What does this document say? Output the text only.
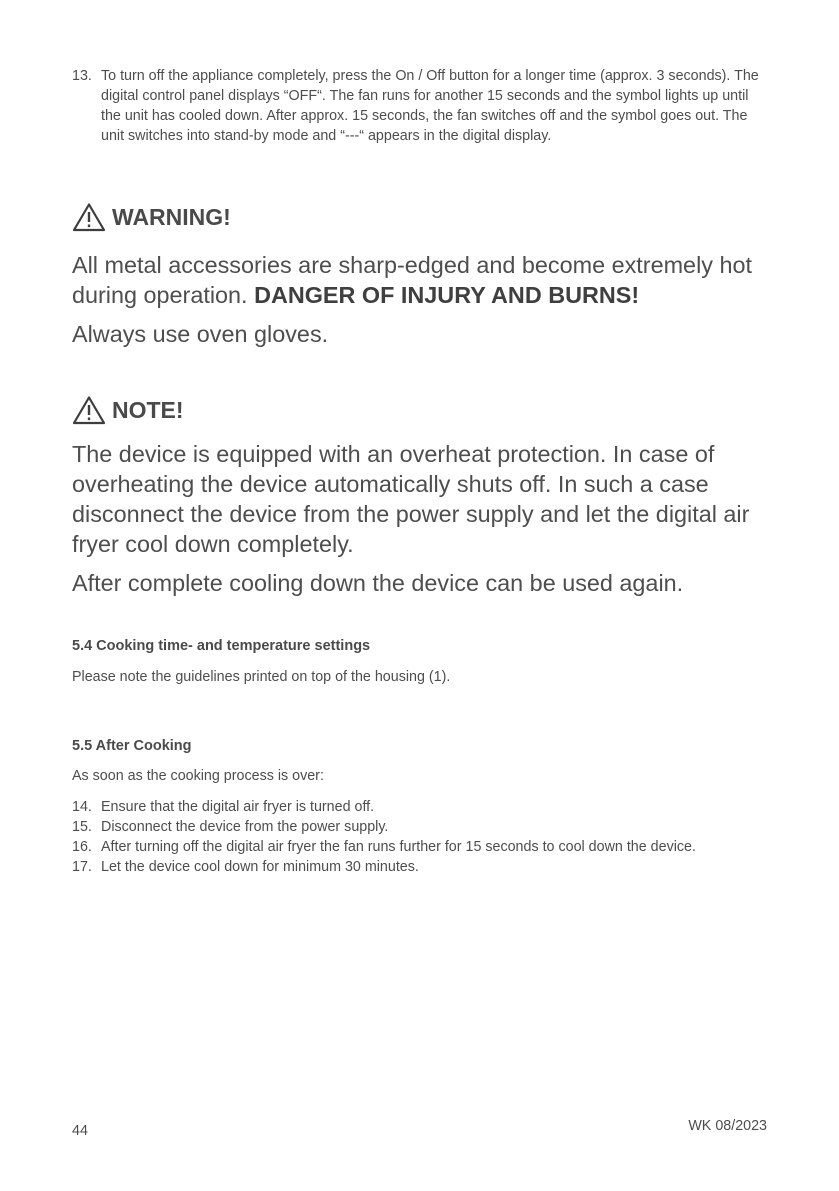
13. To turn off the appliance completely, press the On / Off button for a longer time (approx. 3 seconds). The digital control panel displays “OFF“. The fan runs for another 15 seconds and the symbol lights up until the unit has cooled down. After approx. 15 seconds, the fan switches off and the symbol goes out. The unit switches into stand-by mode and “---“ appears in the digital display.
WARNING!

All metal accessories are sharp-edged and become extremely hot during operation. DANGER OF INJURY AND BURNS!

Always use oven gloves.

NOTE!

The device is equipped with an overheat protection. In case of overheating the device automatically shuts off. In such a case disconnect the device from the power supply and let the digital air fryer cool down completely.

After complete cooling down the device can be used again.

5.4 Cooking time- and temperature settings

Please note the guidelines printed on top of the housing (1).

5.5 After Cooking

As soon as the cooking process is over:

14. Ensure that the digital air fryer is turned off.
15. Disconnect the device from the power supply.
16. After turning off the digital air fryer the fan runs further for 15 seconds to cool down the device.
17. Let the device cool down for minimum 30 minutes.
44	WK 08/2023
